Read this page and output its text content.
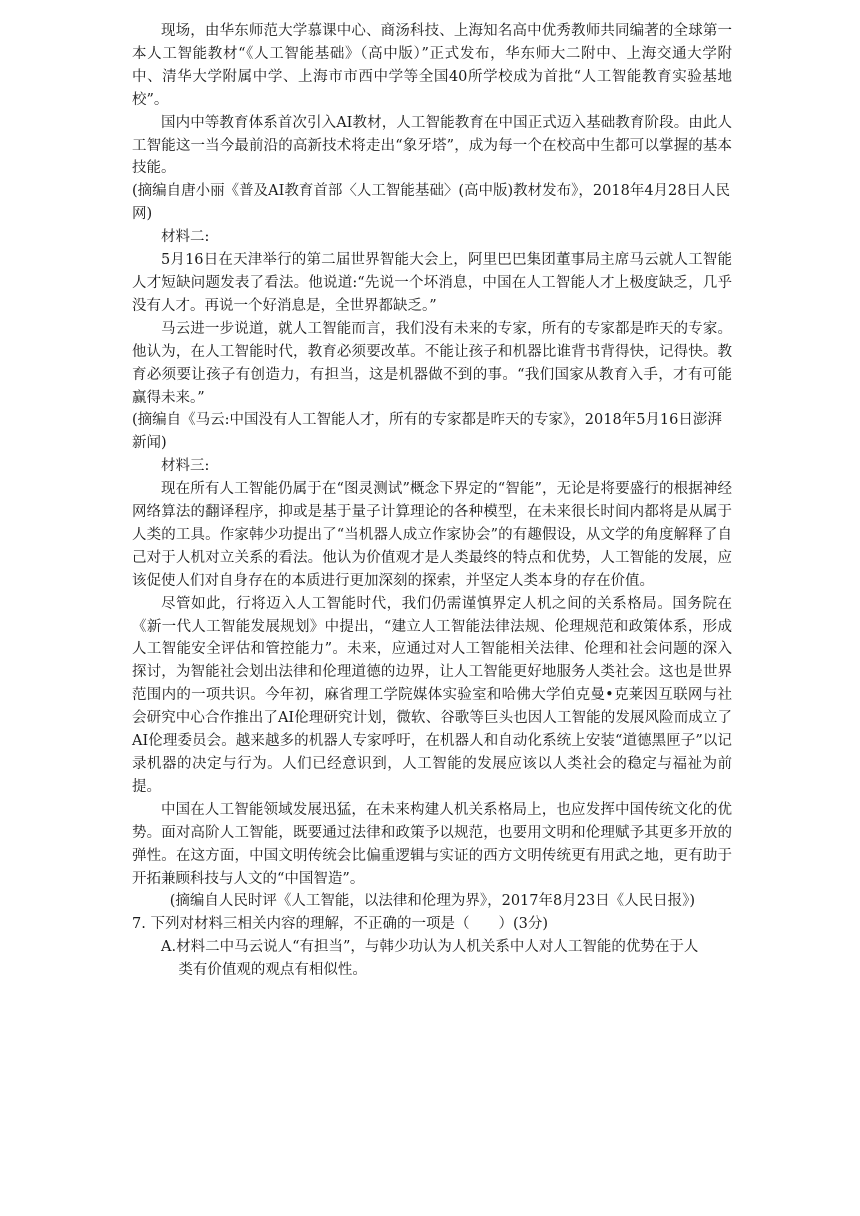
现场，由华东师范大学慕课中心、商汤科技、上海知名高中优秀教师共同编著的全球第一本人工智能教材“《人工智能基础》（高中版）”正式发布，华东师大二附中、上海交通大学附中、清华大学附属中学、上海市市西中学等全国40所学校成为首批“人工智能教育实验基地校”。

国内中等教育体系首次引入AI教材，人工智能教育在中国正式迈入基础教育阶段。由此人工智能这一当今最前沿的高新技术将走出“象牙塔”，成为每一个在校高中生都可以掌握的基本技能。

(摘编自唐小丽《普及AI教育首部〈人工智能基础〉(高中版)教材发布》，2018年4月28日人民网)

材料二:

5月16日在天津举行的第二届世界智能大会上，阿里巴巴集团董事局主席马云就人工智能人才短缺问题发表了看法。他说道:“先说一个坏消息，中国在人工智能人才上极度缺乏，几乎没有人才。再说一个好消息是，全世界都缺乏。”

马云进一步说道，就人工智能而言，我们没有未来的专家，所有的专家都是昨天的专家。他认为，在人工智能时代，教育必须要改革。不能让孩子和机器比谁背书背得快，记得快。教育必须要让孩子有创造力，有担当，这是机器做不到的事。“我们国家从教育入手，才有可能赢得未来。”

(摘编自《马云:中国没有人工智能人才，所有的专家都是昨天的专家》，2018年5月16日澎湃新闻)

材料三:

现在所有人工智能仍属于在“图灵测试”概念下界定的“智能”，无论是将要盛行的根据神经网络算法的翻译程序，抑或是基于量子计算理论的各种模型，在未来很长时间内都将是从属于人类的工具。作家韩少功提出了“当机器人成立作家协会”的有趣假设，从文学的角度解释了自己对于人机对立关系的看法。他认为价值观才是人类最终的特点和优势，人工智能的发展，应该促使人们对自身存在的本质进行更加深刻的探索，并坚定人类本身的存在价值。

尽管如此，行将迈入人工智能时代，我们仍需谨慎界定人机之间的关系格局。国务院在《新一代人工智能发展规划》中提出，“建立人工智能法律法规、伦理规范和政策体系，形成人工智能安全评估和管控能力”。未来，应通过对人工智能相关法律、伦理和社会问题的深入探讨，为智能社会划出法律和伦理道德的边界，让人工智能更好地服务人类社会。这也是世界范围内的一项共识。今年初，麻省理工学院媒体实验室和哈佛大学伯克曼•克莱因互联网与社会研究中心合作推出了AI伦理研究计划，微软、谷歌等巨头也因人工智能的发展风险而成立了AI伦理委员会。越来越多的机器人专家呼吁，在机器人和自动化系统上安装“道德黑匣子”以记录机器的决定与行为。人们已经意识到，人工智能的发展应该以人类社会的稳定与福祉为前提。

中国在人工智能领域发展迅猛，在未来构建人机关系格局上，也应发挥中国传统文化的优势。面对高阶人工智能，既要通过法律和政策予以规范，也要用文明和伦理赋予其更多开放的弹性。在这方面，中国文明传统会比偏重逻辑与实证的西方文明传统更有用武之地，更有助于开拓兼顾科技与人文的“中国智造”。

(摘编自人民时评《人工智能，以法律和伦理为界》，2017年8月23日《人民日报》)

7. 下列对材料三相关内容的理解，不正确的一项是（　　）(3分)

A.材料二中马云说人“有担当”，与韩少功认为人机关系中人对人工智能的优势在于人
类有价值观的观点有相似性。
